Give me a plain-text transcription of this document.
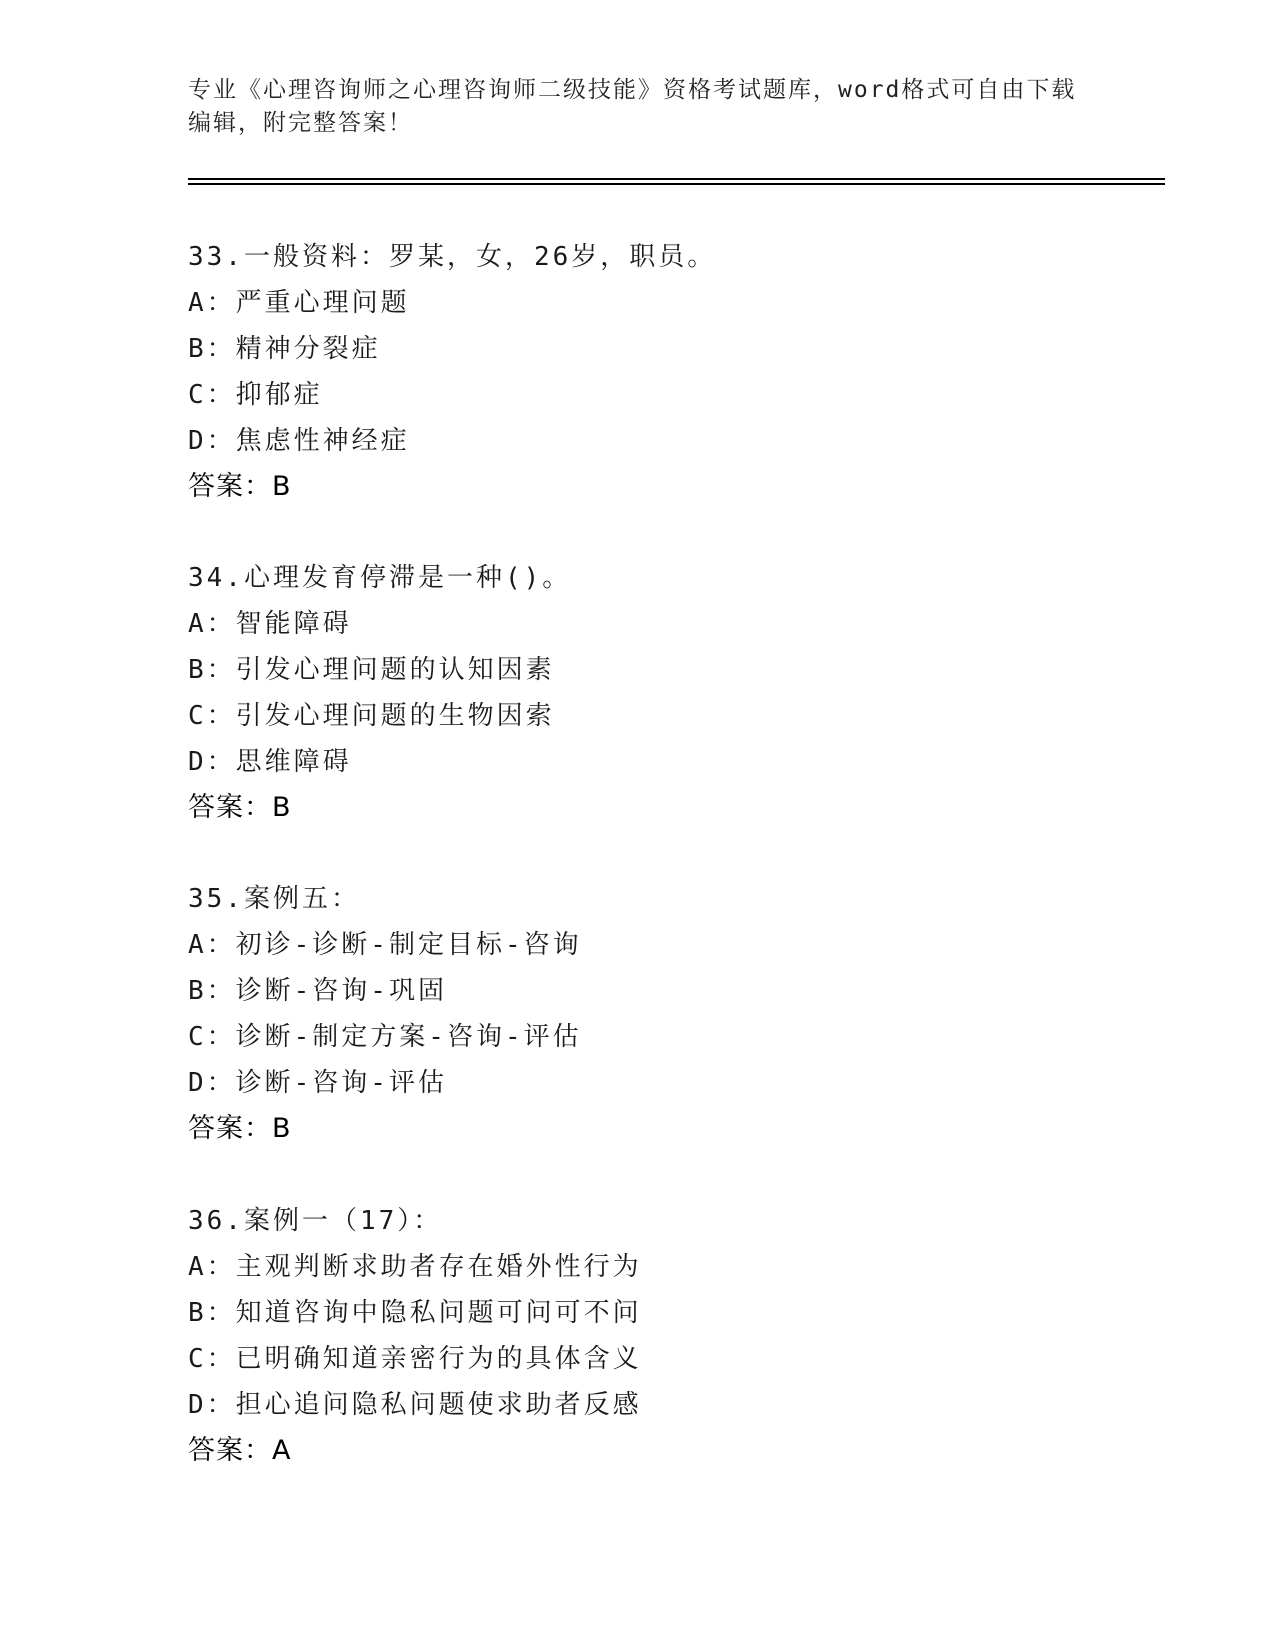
专业《心理咨询师之心理咨询师二级技能》资格考试题库，word格式可自由下载
编辑，附完整答案！
33.一般资料：罗某，女，26岁，职员。
A：严重心理问题
B：精神分裂症
C：抑郁症
D：焦虑性神经症
答案：B
34.心理发育停滞是一种()。
A：智能障碍
B：引发心理问题的认知因素
C：引发心理问题的生物因索
D：思维障碍
答案：B
35.案例五：
A：初诊-诊断-制定目标-咨询
B：诊断-咨询-巩固
C：诊断-制定方案-咨询-评估
D：诊断-咨询-评估
答案：B
36.案例一（17）：
A：主观判断求助者存在婚外性行为
B：知道咨询中隐私问题可问可不问
C：已明确知道亲密行为的具体含义
D：担心追问隐私问题使求助者反感
答案：A
